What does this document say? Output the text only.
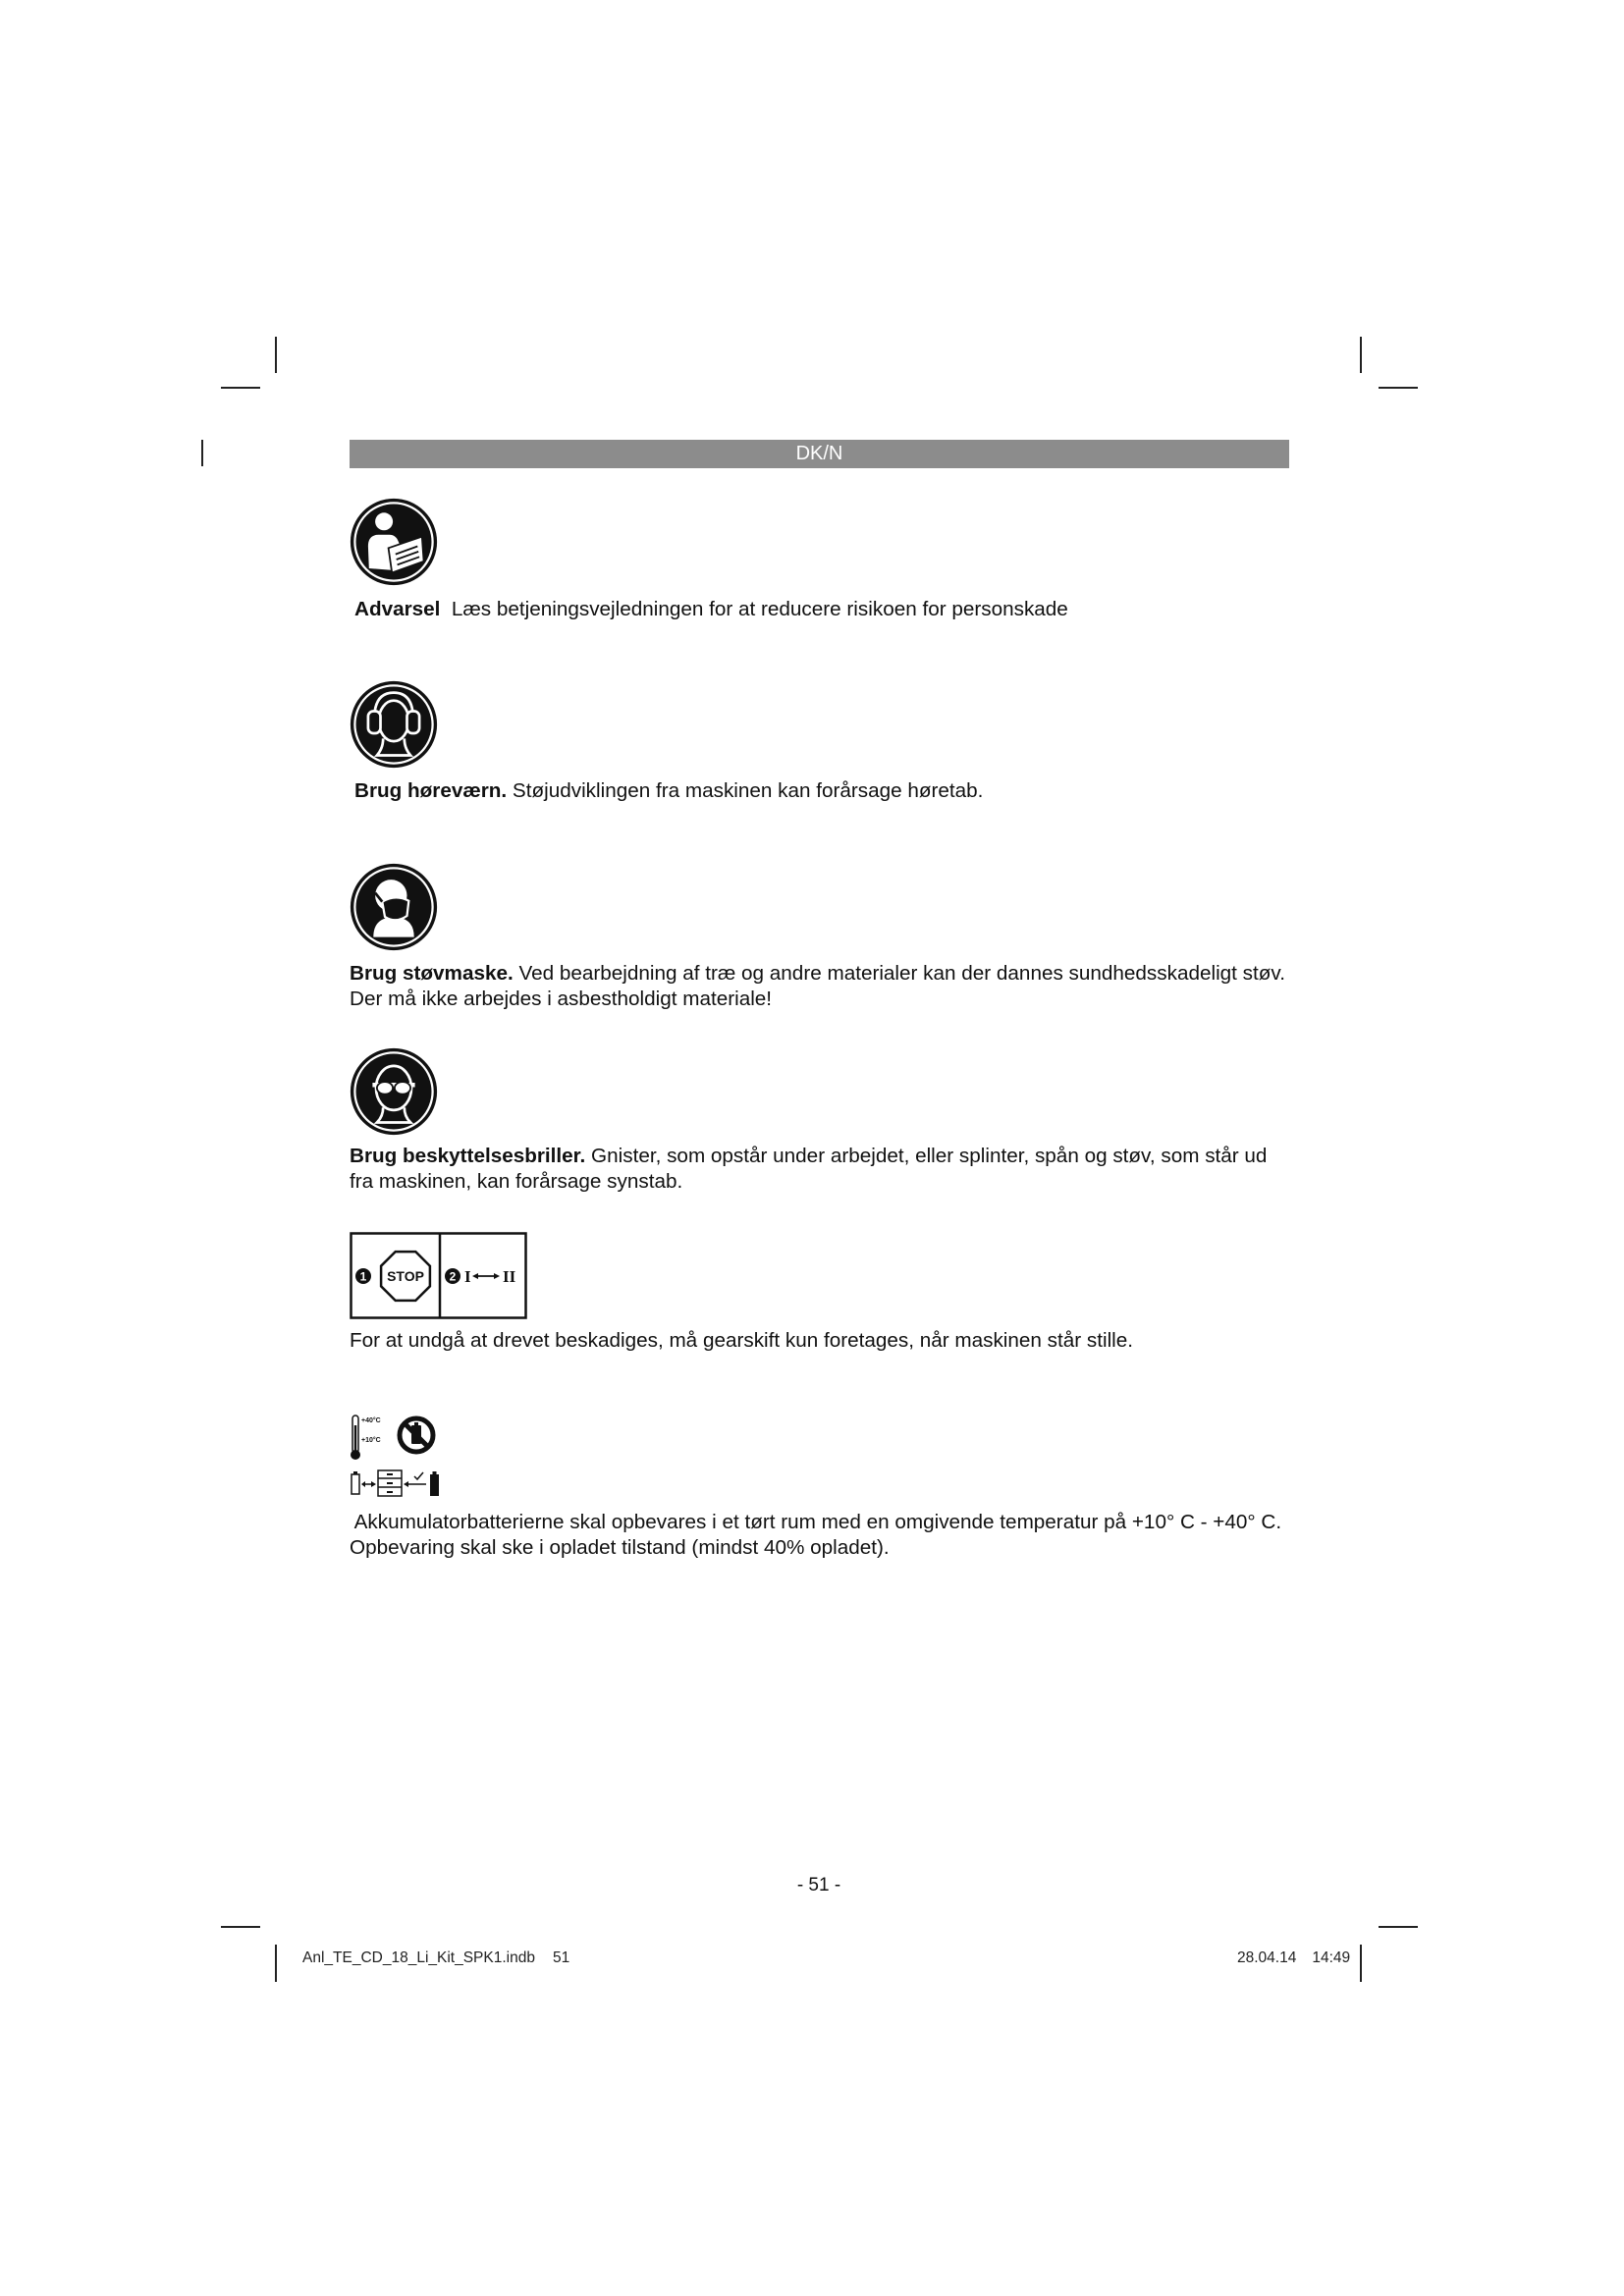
DK/N
Advarsel  Læs betjeningsvejledningen for at reducere risikoen for personskade
Brug høreværn. Støjudviklingen fra maskinen kan forårsage høretab.
Brug støvmaske. Ved bearbejdning af træ og andre materialer kan der dannes sundhedsskadeligt støv.
Der må ikke arbejdes i asbestholdigt materiale!
Brug beskyttelsesbriller. Gnister, som opstår under arbejdet, eller splinter, spån og støv, som står ud
fra maskinen, kan forårsage synstab.
1 STOP 2 I II
For at undgå at drevet beskadiges, må gearskift kun foretages, når maskinen står stille.
+40°C
+10°C
Akkumulatorbatterierne skal opbevares i et tørt rum med en omgivende temperatur på +10° C - +40° C.
Opbevaring skal ske i opladet tilstand (mindst 40% opladet).
- 51 -
Anl_TE_CD_18_Li_Kit_SPK1.indb 51	28.04.14 14:49
